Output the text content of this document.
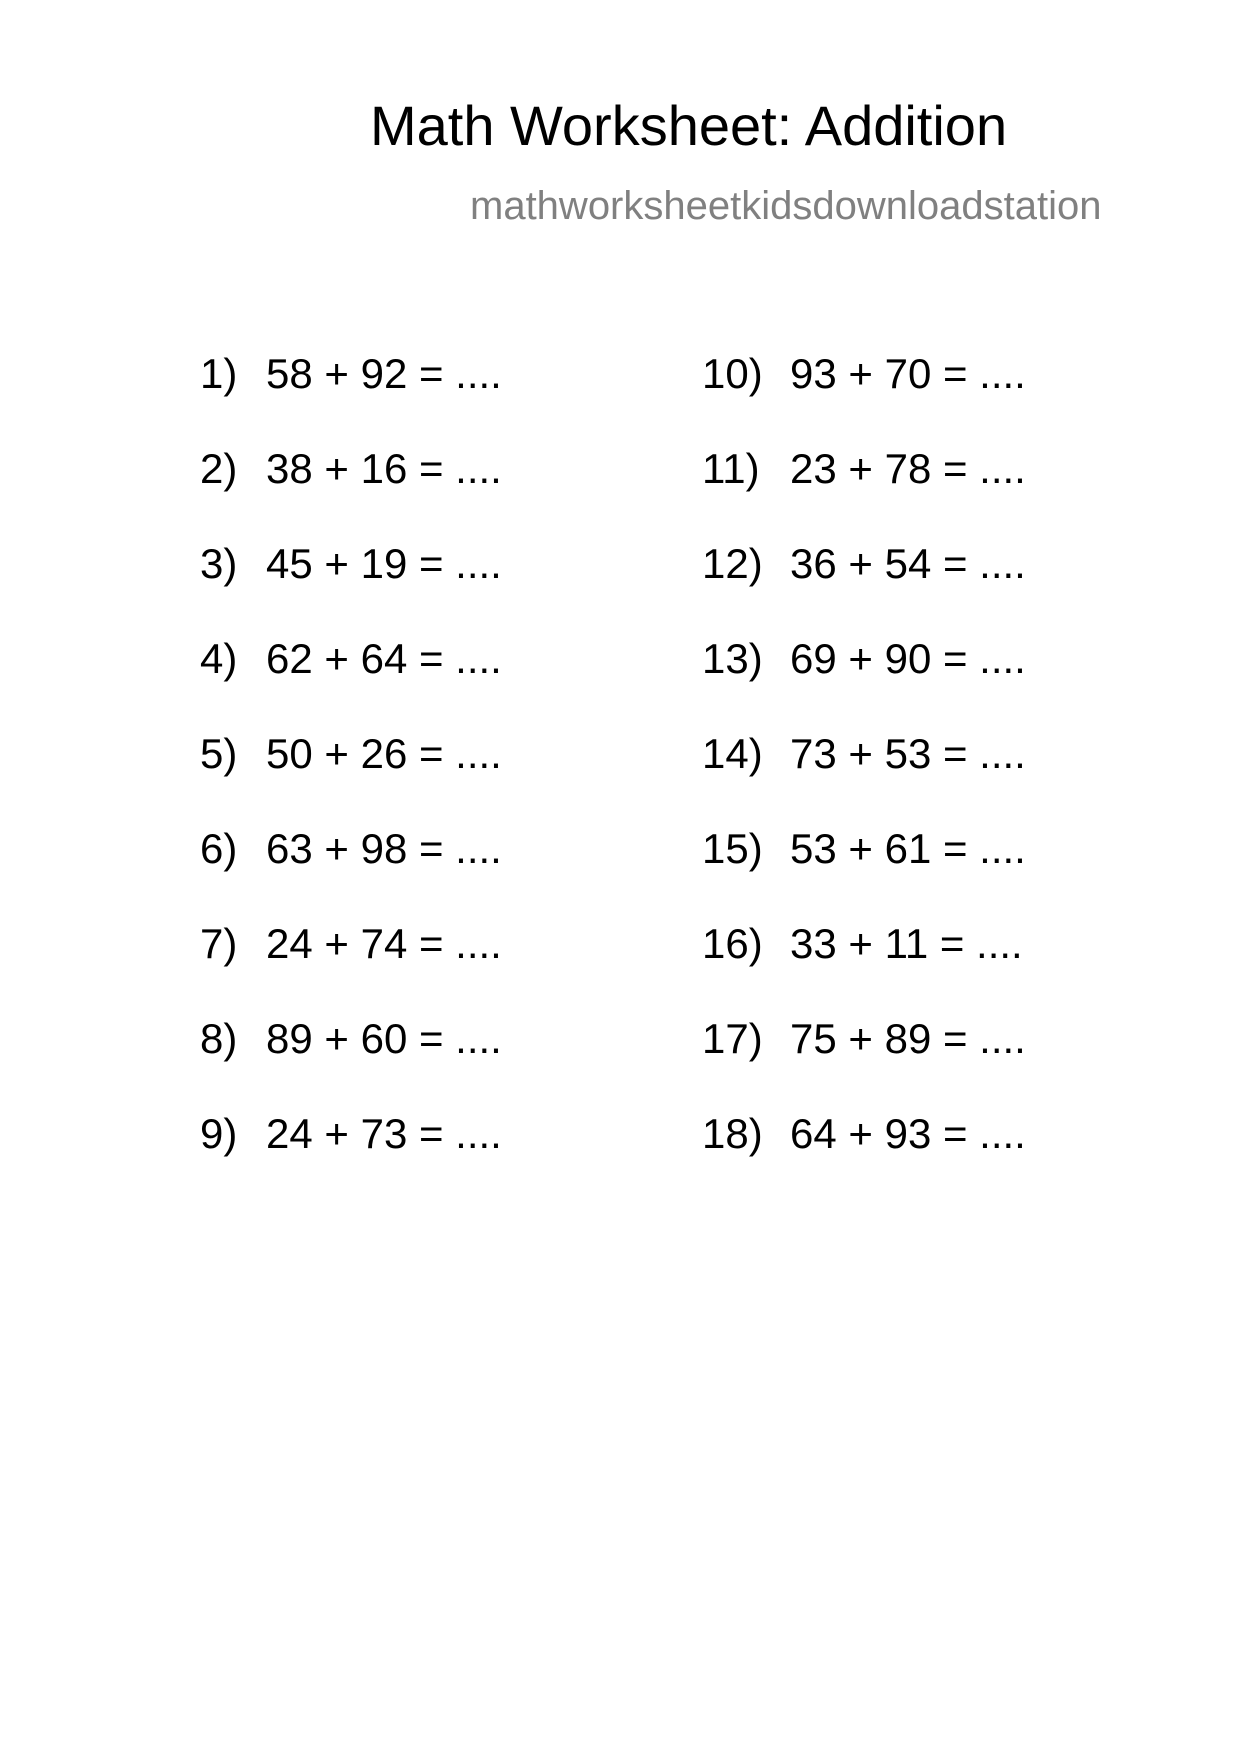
Math Worksheet: Addition
mathworksheetkidsdownloadstation
1) 58 + 92 = ....
2) 38 + 16 = ....
3) 45 + 19 = ....
4) 62 + 64 = ....
5) 50 + 26 = ....
6) 63 + 98 = ....
7) 24 + 74 = ....
8) 89 + 60 = ....
9) 24 + 73 = ....
10) 93 + 70 = ....
11) 23 + 78 = ....
12) 36 + 54 = ....
13) 69 + 90 = ....
14) 73 + 53 = ....
15) 53 + 61 = ....
16) 33 + 11 = ....
17) 75 + 89 = ....
18) 64 + 93 = ....
